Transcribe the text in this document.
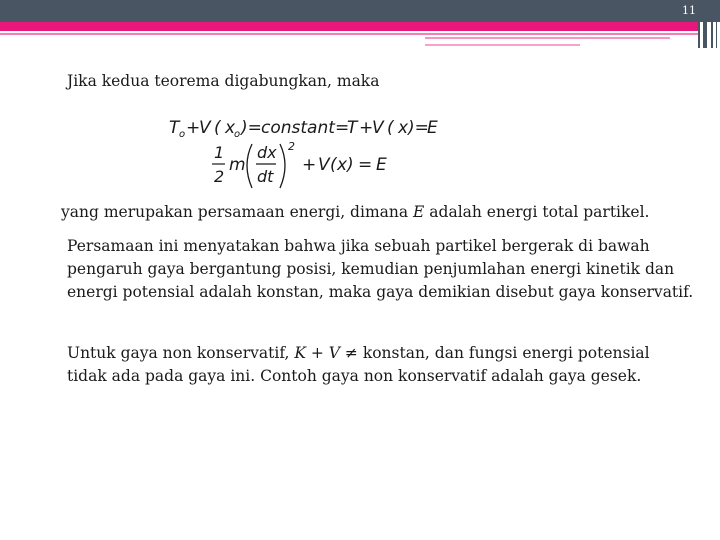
11
Jika kedua teorema digabungkan, maka
T o +
V ( x
o )= constant =
T +
V ( x )=
E
1
2
m
dx
dt
2
+ V ( x ) = E
yang merupakan persamaan energi, dimana E adalah energi total partikel.
Persamaan ini menyatakan bahwa jika sebuah partikel bergerak di bawah pengaruh gaya bergantung posisi, kemudian penjumlahan energi kinetik dan energi potensial adalah konstan, maka gaya demikian disebut gaya konservatif.
Untuk gaya non konservatif, K + V ≠ konstan, dan fungsi energi potensial tidak ada pada gaya ini. Contoh gaya non konservatif adalah gaya gesek.
